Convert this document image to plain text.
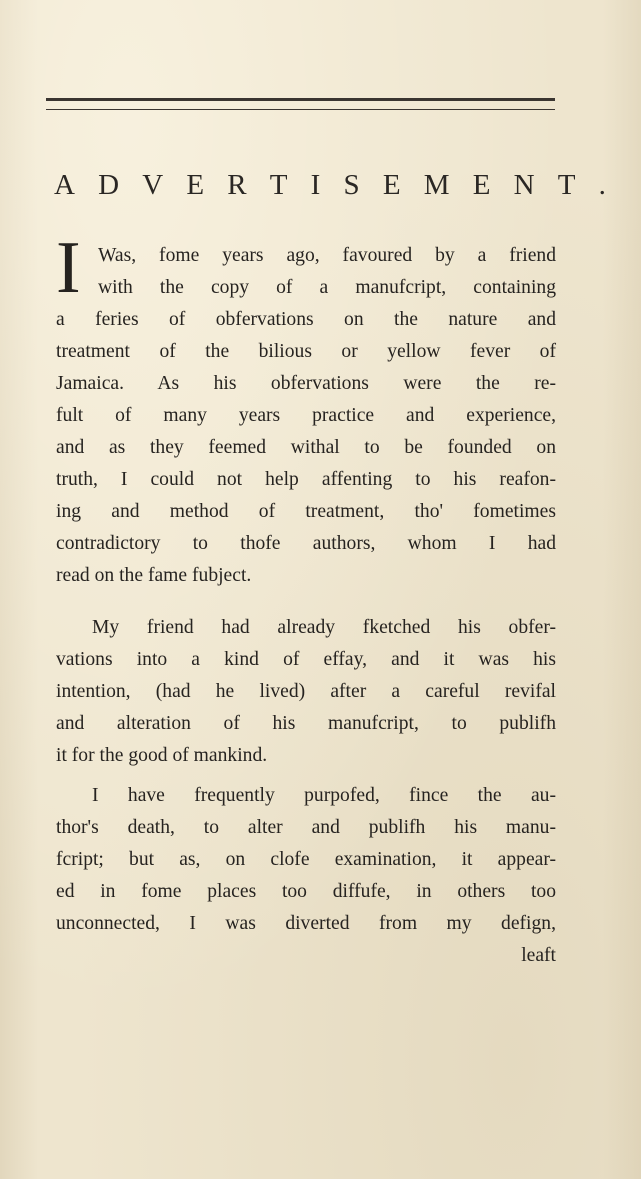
A D V E R T I S E M E N T .
I Was, fome years ago, favoured by a friend
with the copy of a manufcript, containing
a feries of obfervations on the nature and
treatment of the bilious or yellow fever of
Jamaica. As his obfervations were the re-
fult of many years practice and experience,
and as they feemed withal to be founded on
truth, I could not help affenting to his reafon-
ing and method of treatment, tho' fometimes
contradictory to thofe authors, whom I had
read on the fame fubject.
My friend had already fketched his obfer-
vations into a kind of effay, and it was his
intention, (had he lived) after a careful revifal
and alteration of his manufcript, to publifh
it for the good of mankind.
I have frequently purpofed, fince the au-
thor's death, to alter and publifh his manu-
fcript; but as, on clofe examination, it appear-
ed in fome places too diffufe, in others too
unconnected, I was diverted from my defign,
leaft
